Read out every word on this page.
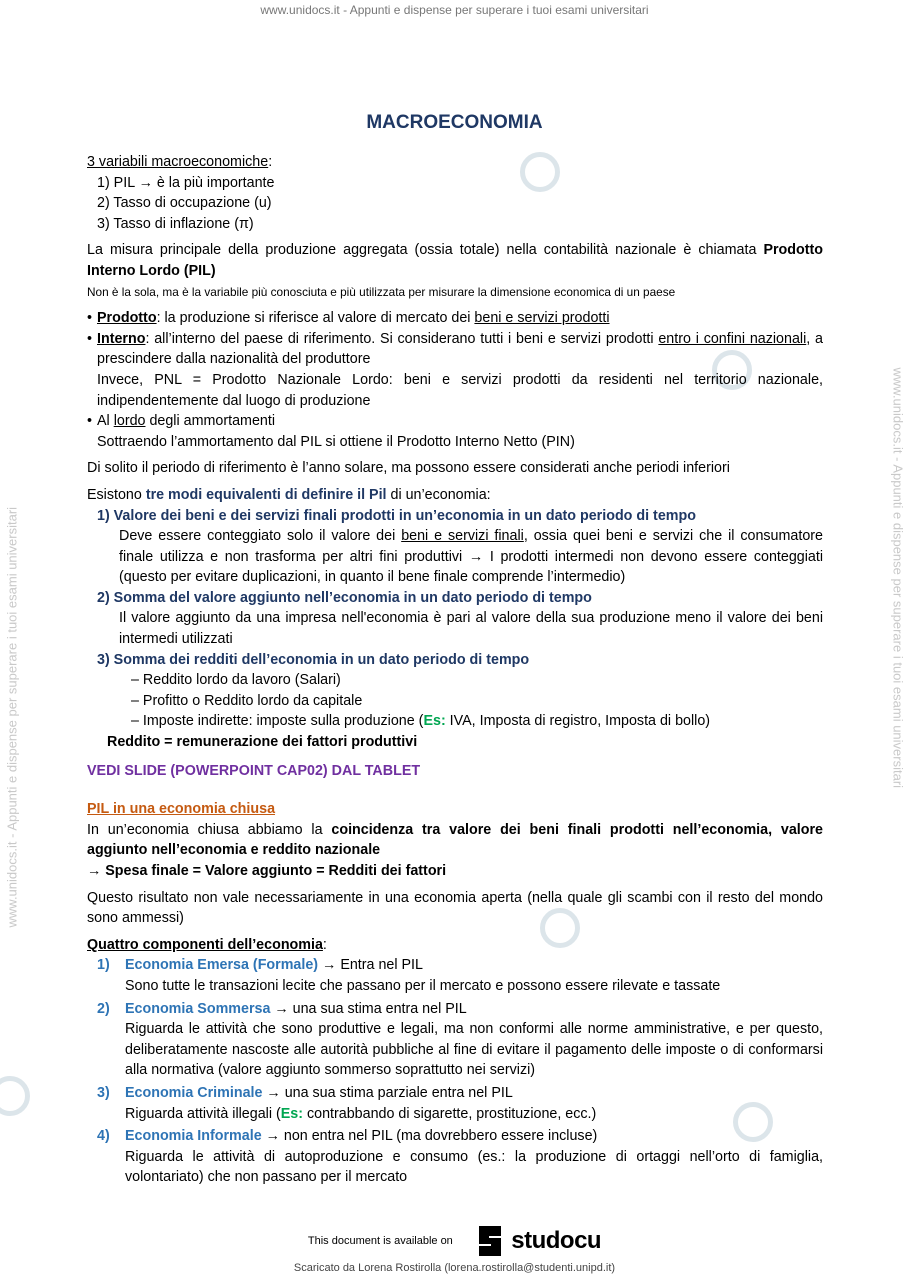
www.unidocs.it - Appunti e dispense per superare i tuoi esami universitari
www.unidocs.it - Appunti e dispense per superare i tuoi esami universitari	www.unidocs.it - Appunti e dispense per superare i tuoi esami universitari
MACROECONOMIA

3 variabili macroeconomiche:

1) PIL → è la più importante

2) Tasso di occupazione (u)

3) Tasso di inflazione (π)

La misura principale della produzione aggregata (ossia totale) nella contabilità nazionale è chiamata Prodotto Interno Lordo (PIL)

Non è la sola, ma è la variabile più conosciuta e più utilizzata per misurare la dimensione economica di un paese

• Prodotto: la produzione si riferisce al valore di mercato dei beni e servizi prodotti
• Interno: all’interno del paese di riferimento. Si considerano tutti i beni e servizi prodotti entro i confini nazionali, a prescindere dalla nazionalità del produttore

Invece, PNL = Prodotto Nazionale Lordo: beni e servizi prodotti da residenti nel territorio nazionale, indipendentemente dal luogo di produzione

• Al lordo degli ammortamenti

Sottraendo l’ammortamento dal PIL si ottiene il Prodotto Interno Netto (PIN)

Di solito il periodo di riferimento è l’anno solare, ma possono essere considerati anche periodi inferiori

Esistono tre modi equivalenti di definire il Pil di un’economia:

1) Valore dei beni e dei servizi finali prodotti in un’economia in un dato periodo di tempo

Deve essere conteggiato solo il valore dei beni e servizi finali, ossia quei beni e servizi che il consumatore finale utilizza e non trasforma per altri fini produttivi → I prodotti intermedi non devono essere conteggiati (questo per evitare duplicazioni, in quanto il bene finale comprende l’intermedio)

2) Somma del valore aggiunto nell’economia in un dato periodo di tempo

Il valore aggiunto da una impresa nell'economia è pari al valore della sua produzione meno il valore dei beni intermedi utilizzati

3) Somma dei redditi dell’economia in un dato periodo di tempo

– Reddito lordo da lavoro (Salari)

– Profitto o Reddito lordo da capitale

– Imposte indirette: imposte sulla produzione (Es: IVA, Imposta di registro, Imposta di bollo)

Reddito = remunerazione dei fattori produttivi

VEDI SLIDE (POWERPOINT CAP02) DAL TABLET

PIL in una economia chiusa

In un’economia chiusa abbiamo la coincidenza tra valore dei beni finali prodotti nell’economia, valore aggiunto nell’economia e reddito nazionale

→ Spesa finale = Valore aggiunto = Redditi dei fattori

Questo risultato non vale necessariamente in una economia aperta (nella quale gli scambi con il resto del mondo sono ammessi)

Quattro componenti dell’economia:

1)	Economia Emersa (Formale) → Entra nel PIL
Sono tutte le transazioni lecite che passano per il mercato e possono essere rilevate e tassate
2)	Economia Sommersa → una sua stima entra nel PIL
Riguarda le attività che sono produttive e legali, ma non conformi alle norme amministrative, e per questo, deliberatamente nascoste alle autorità pubbliche al fine di evitare il pagamento delle imposte o di conformarsi alla normativa (valore aggiunto sommerso soprattutto nei servizi)
3)	Economia Criminale → una sua stima parziale entra nel PIL
Riguarda attività illegali (Es: contrabbando di sigarette, prostituzione, ecc.)
4)	Economia Informale → non entra nel PIL (ma dovrebbero essere incluse)
Riguarda le attività di autoproduzione e consumo (es.: la produzione di ortaggi nell’orto di famiglia, volontariato) che non passano per il mercato
This document is available on studocu
Scaricato da Lorena Rostirolla (lorena.rostirolla@studenti.unipd.it)
